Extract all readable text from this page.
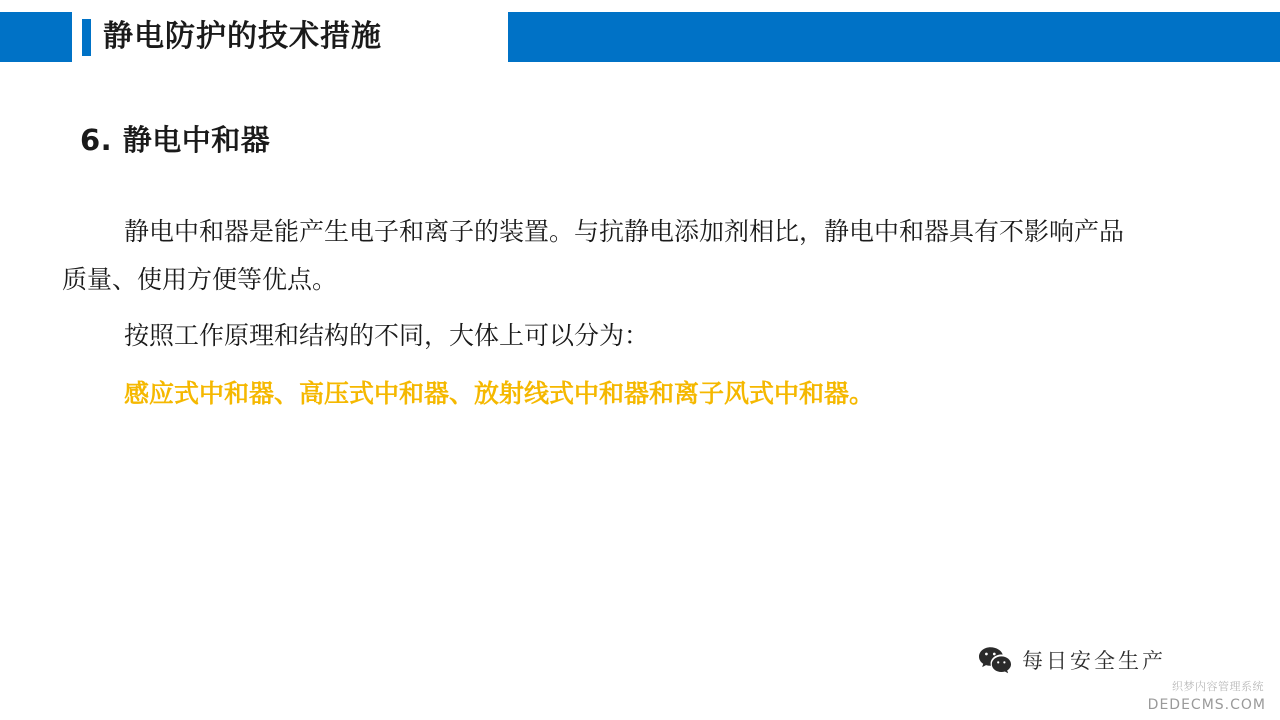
静电防护的技术措施
6. 静电中和器
静电中和器是能产生电子和离子的装置。与抗静电添加剂相比，静电中和器具有不影响产品质量、使用方便等优点。
按照工作原理和结构的不同，大体上可以分为：
感应式中和器、高压式中和器、放射线式中和器和离子风式中和器。
每日安全生产
织梦内容管理系统
DEDECMS.COM
